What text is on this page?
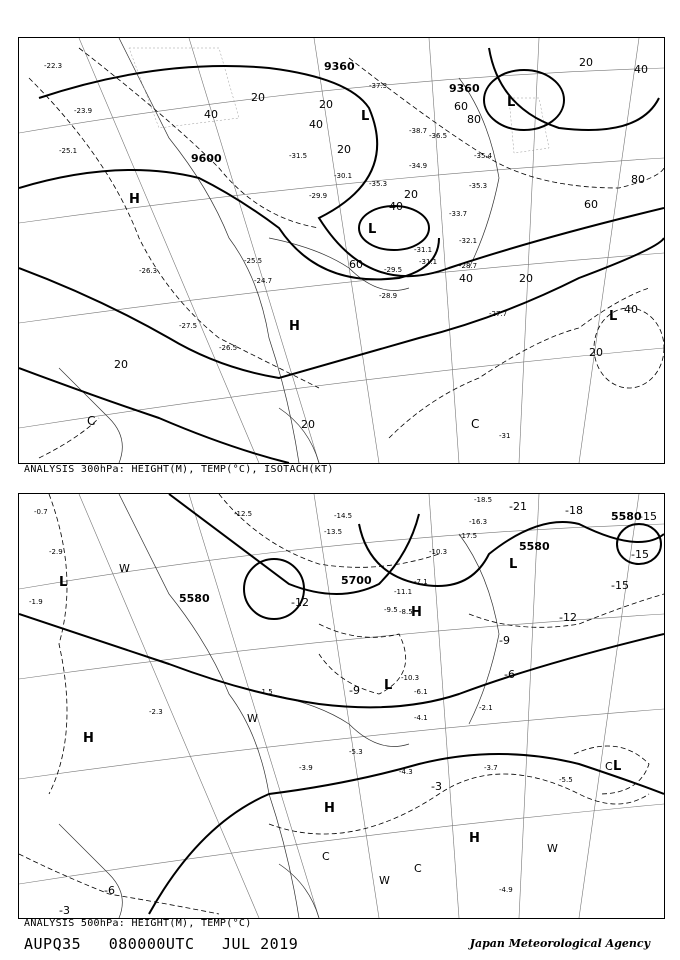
9360
9600
9360
20
40
60
80
20
40
60
20
40
20
40	20
60
80
20
40
40
20
20
20
L
L
L
L
H
H
C	C
-22.3
-23.9
-25.1
-26.3
-27.5
-29.9
-31.5
-34.9
-36.5
-37.3
-38.7
-35.3
-33.7
-32.1
-31.1	-28.7
-27.7
-26.5
-25.5
-24.7
-30.1
-31.1
-29.5
-28.9
-35.4
-35.3
-31
ANALYSIS 300hPa: HEIGHT(M), TEMP(°C), ISOTACH(KT)
5580
5700
5580
5580
-12
-15
-18
-21
-15
-15
-12
-9
-6
-3
-9
-6
-3
L
L
L
L
H
H
H
H
C
C
C
W
W
W
W
-0.7
-2.9
-1.9
-5.3
-4.3	-3.7
-7.1
-8.5
-4.9
-10.3
-11.1
-9.5
-13.5
-16.3
-17.5
-18.5
-12.5	-14.5
-10.3
-5.5
-6.1
-4.1
-3.9
-2.3
-1.5
-2.1
ANALYSIS 500hPa: HEIGHT(M), TEMP(°C)
AUPQ35 080000UTC JUL 2019	Japan Meteorological Agency
